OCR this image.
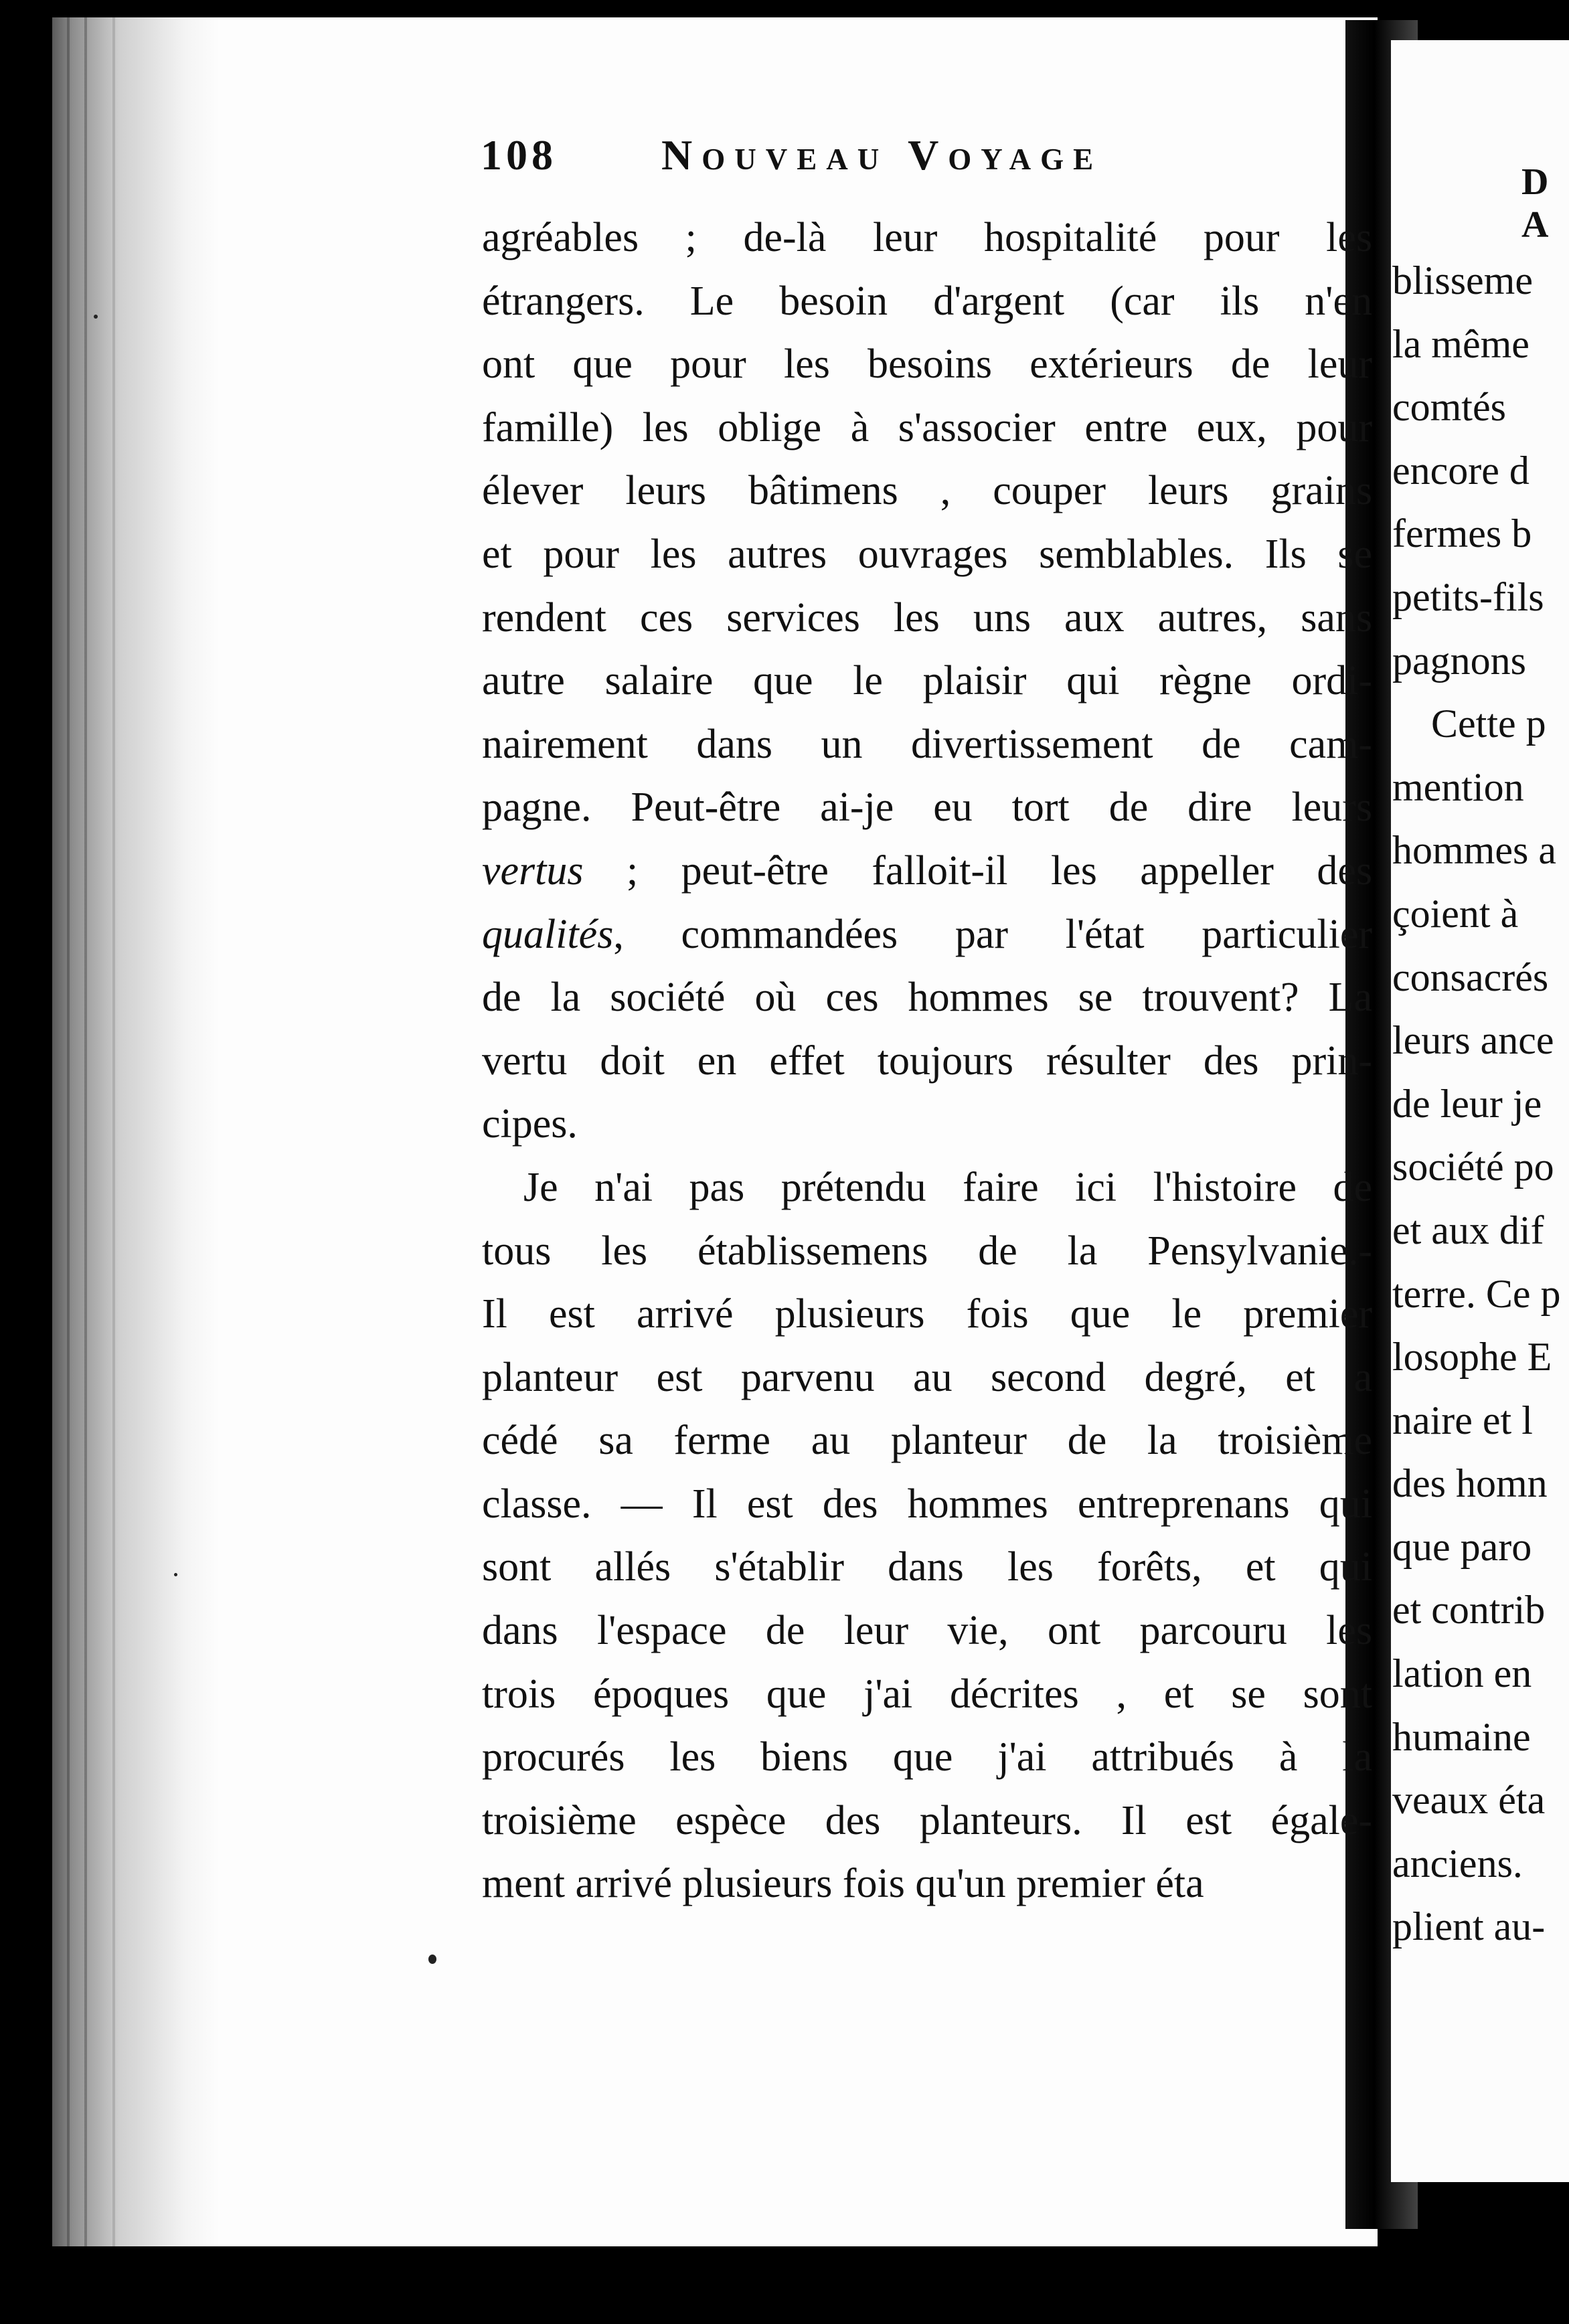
D A
blisseme
la même
comtés
encore d
fermes b
petits-fils
pagnons
Cette p
mention
hommes a
çoient à
consacrés
leurs ance
de leur je
société po
et aux dif
terre. Ce p
losophe E
naire et l
des homn
que paro
et contrib
lation en
humaine
veaux éta
anciens.
plient au-
108 Nouveau Voyage
agréables ; de-là leur hospitalité pour les
étrangers. Le besoin d'argent (car ils n'en
ont que pour les besoins extérieurs de leur
famille) les oblige à s'associer entre eux, pour
élever leurs bâtimens , couper leurs grains
et pour les autres ouvrages semblables. Ils se
rendent ces services les uns aux autres, sans
autre salaire que le plaisir qui règne ordi-
nairement dans un divertissement de cam-
pagne. Peut-être ai-je eu tort de dire leurs
vertus ; peut-être falloit-il les appeller des
qualités, commandées par l'état particulier
de la société où ces hommes se trouvent? La
vertu doit en effet toujours résulter des prin-
cipes.
Je n'ai pas prétendu faire ici l'histoire de
tous les établissemens de la Pensylvanie.-
Il est arrivé plusieurs fois que le premier
planteur est parvenu au second degré, et a
cédé sa ferme au planteur de la troisième
classe. — Il est des hommes entreprenans qui
sont allés s'établir dans les forêts, et qui
dans l'espace de leur vie, ont parcouru les
trois époques que j'ai décrites , et se sont
procurés les biens que j'ai attribués à la
troisième espèce des planteurs. Il est égale-
ment arrivé plusieurs fois qu'un premier éta
